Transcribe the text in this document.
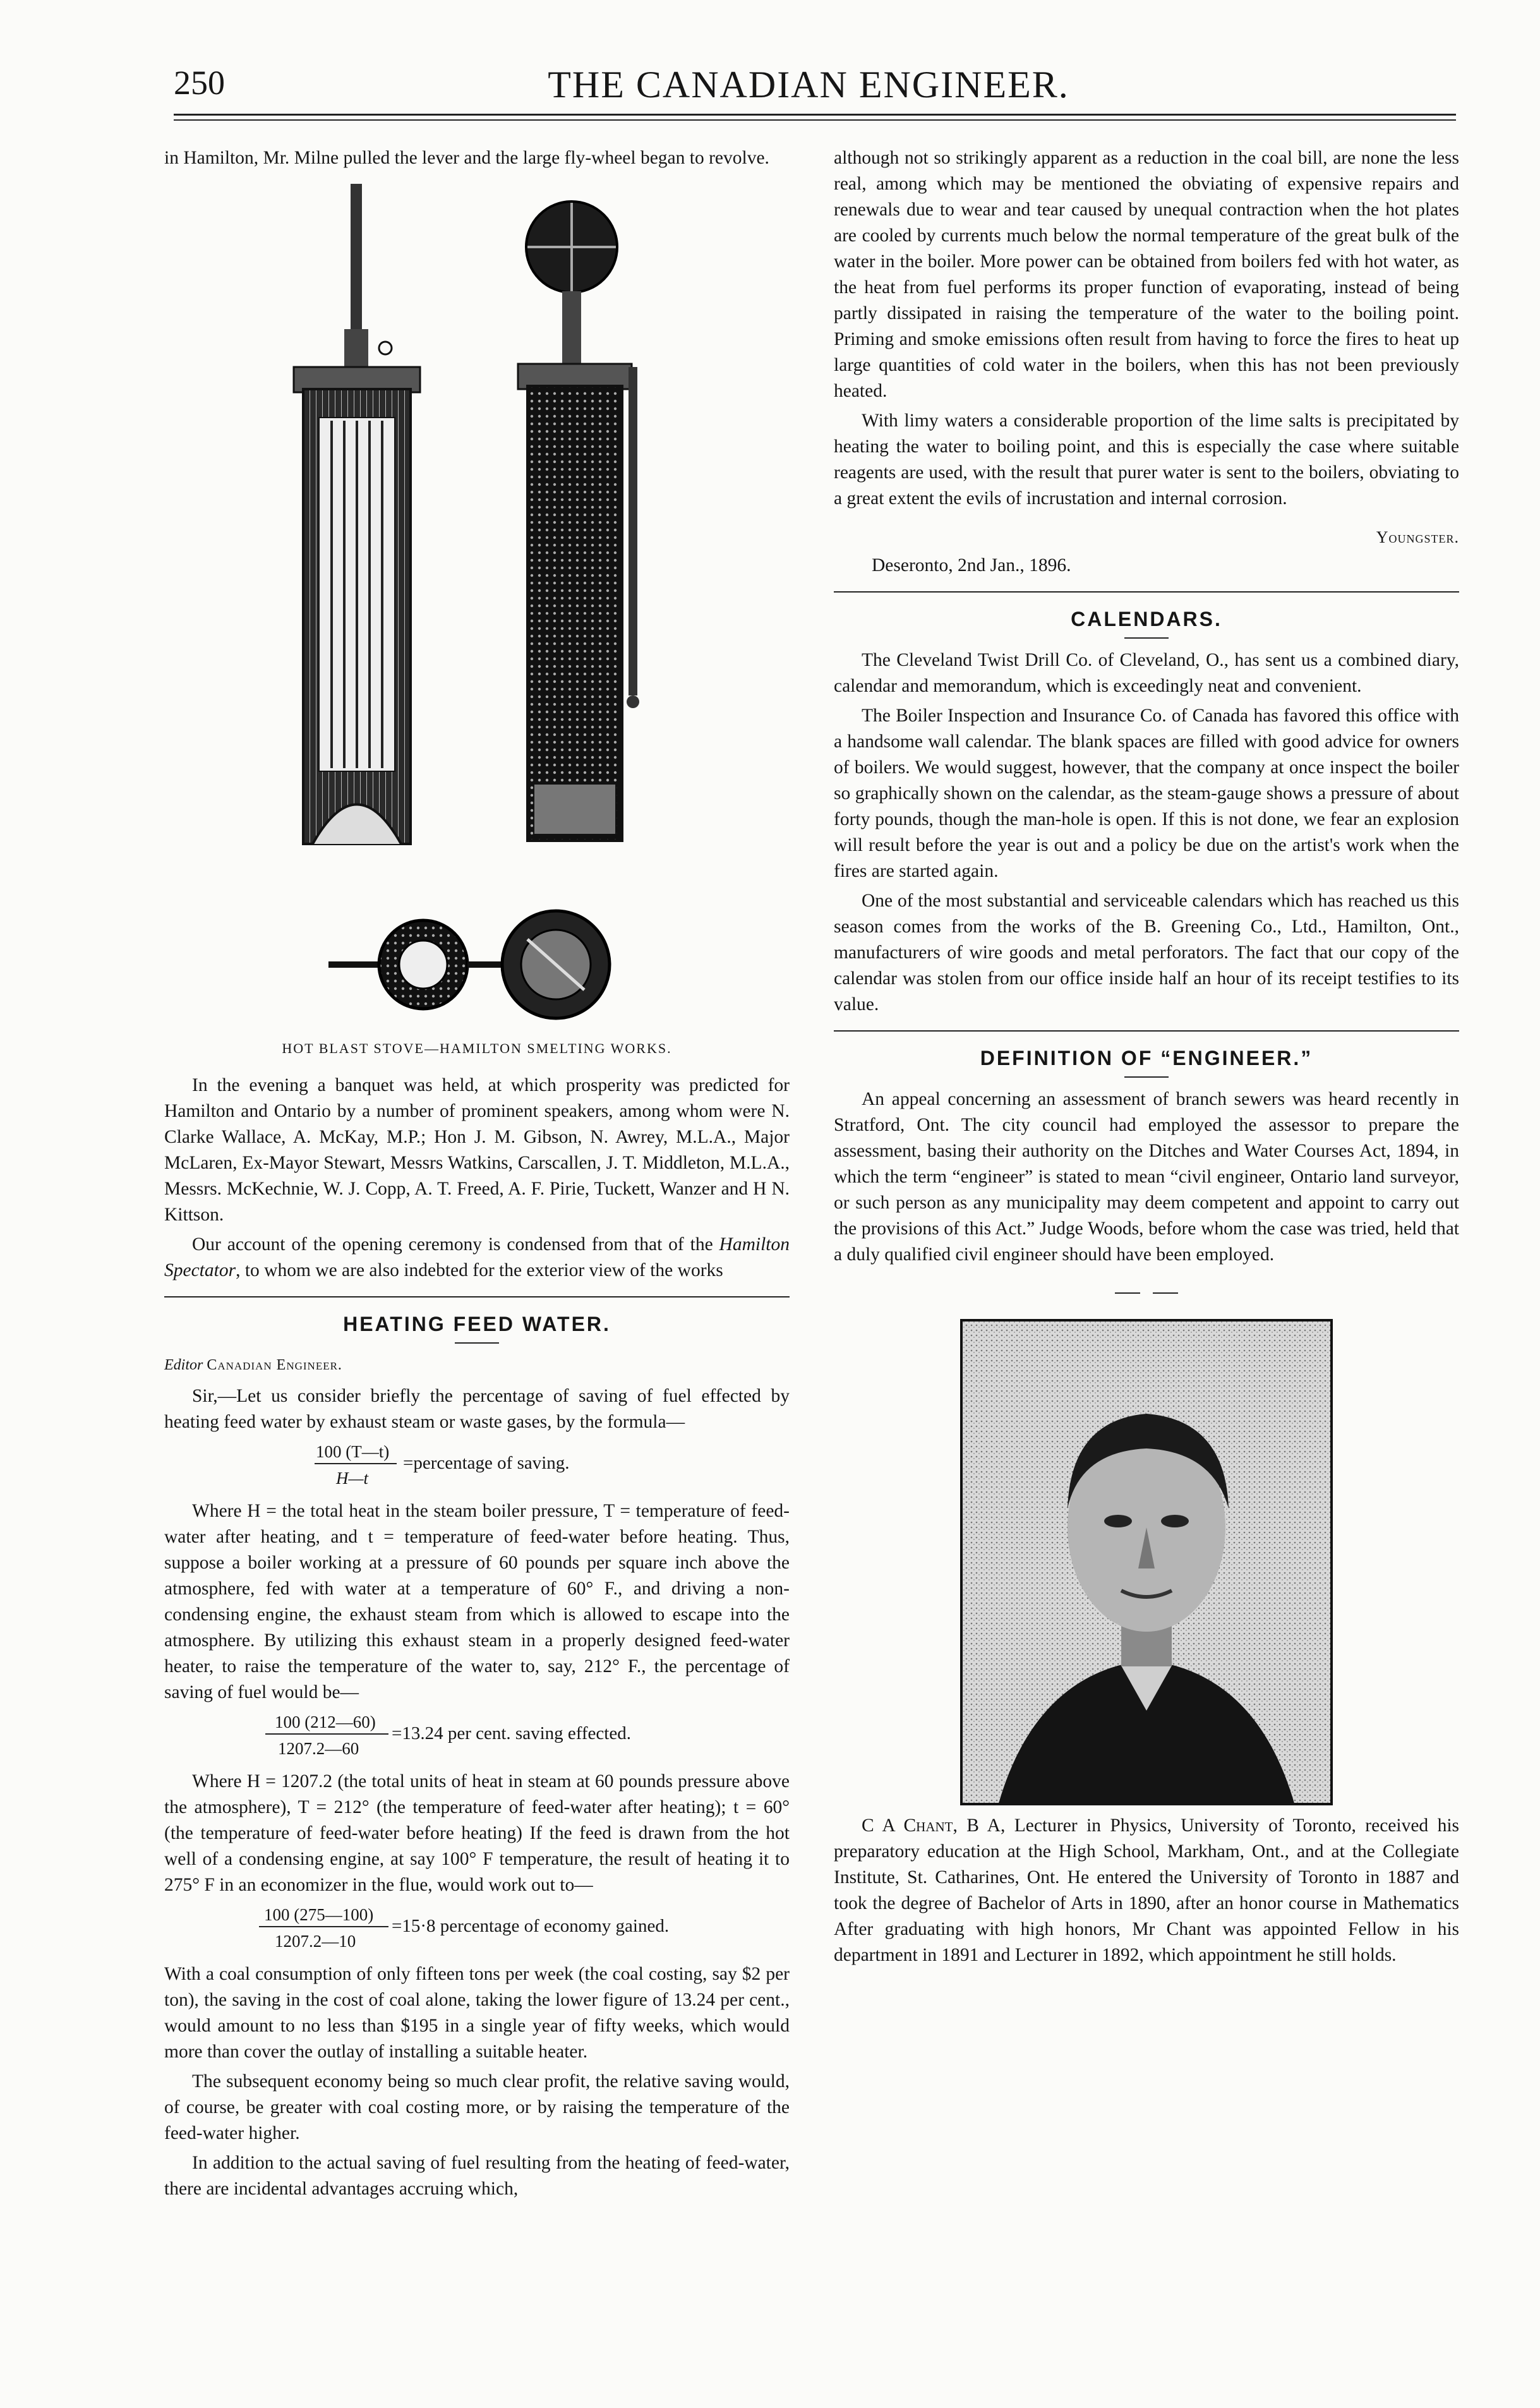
250	THE CANADIAN ENGINEER.

in Hamilton, Mr. Milne pulled the lever and the large fly-wheel began to revolve.

HOT BLAST STOVE—HAMILTON SMELTING WORKS.

In the evening a banquet was held, at which prosperity was predicted for Hamilton and Ontario by a number of prominent speakers, among whom were N. Clarke Wallace, A. McKay, M.P.; Hon J. M. Gibson, N. Awrey, M.L.A., Major McLaren, Ex-Mayor Stewart, Messrs Watkins, Carscallen, J. T. Middleton, M.L.A., Messrs. McKechnie, W. J. Copp, A. T. Freed, A. F. Pirie, Tuckett, Wanzer and H N. Kittson.

Our account of the opening ceremony is condensed from that of the Hamilton Spectator, to whom we are also indebted for the exterior view of the works

HEATING FEED WATER.
Editor Canadian Engineer.

Sir,—Let us consider briefly the percentage of saving of fuel effected by heating feed water by exhaust steam or waste gases, by the formula—

100 (T—t)
H—t
=percentage of saving.

Where H = the total heat in the steam boiler pressure, T = temperature of feed-water after heating, and t = temperature of feed-water before heating. Thus, suppose a boiler working at a pressure of 60 pounds per square inch above the atmosphere, fed with water at a temperature of 60° F., and driving a non-condensing engine, the exhaust steam from which is allowed to escape into the atmosphere. By utilizing this exhaust steam in a properly designed feed-water heater, to raise the temperature of the water to, say, 212° F., the percentage of saving of fuel would be—

100 (212—60)
1207.2—60
=13.24 per cent. saving effected.

Where H = 1207.2 (the total units of heat in steam at 60 pounds pressure above the atmosphere), T = 212° (the temperature of feed-water after heating); t = 60° (the temperature of feed-water before heating) If the feed is drawn from the hot well of a condensing engine, at say 100° F temperature, the result of heating it to 275° F in an economizer in the flue, would work out to—

100 (275—100)
1207.2—10
=15·8 percentage of economy gained.

With a coal consumption of only fifteen tons per week (the coal costing, say $2 per ton), the saving in the cost of coal alone, taking the lower figure of 13.24 per cent., would amount to no less than $195 in a single year of fifty weeks, which would more than cover the outlay of installing a suitable heater.

The subsequent economy being so much clear profit, the relative saving would, of course, be greater with coal costing more, or by raising the temperature of the feed-water higher.

In addition to the actual saving of fuel resulting from the heating of feed-water, there are incidental advantages accruing which,

although not so strikingly apparent as a reduction in the coal bill, are none the less real, among which may be mentioned the obviating of expensive repairs and renewals due to wear and tear caused by unequal contraction when the hot plates are cooled by currents much below the normal temperature of the great bulk of the water in the boiler. More power can be obtained from boilers fed with hot water, as the heat from fuel performs its proper function of evaporating, instead of being partly dissipated in raising the temperature of the water to the boiling point. Priming and smoke emissions often result from having to force the fires to heat up large quantities of cold water in the boilers, when this has not been previously heated.

With limy waters a considerable proportion of the lime salts is precipitated by heating the water to boiling point, and this is especially the case where suitable reagents are used, with the result that purer water is sent to the boilers, obviating to a great extent the evils of incrustation and internal corrosion.

Youngster.
Deseronto, 2nd Jan., 1896.
CALENDARS.

The Cleveland Twist Drill Co. of Cleveland, O., has sent us a combined diary, calendar and memorandum, which is exceedingly neat and convenient.

The Boiler Inspection and Insurance Co. of Canada has favored this office with a handsome wall calendar. The blank spaces are filled with good advice for owners of boilers. We would suggest, however, that the company at once inspect the boiler so graphically shown on the calendar, as the steam-gauge shows a pressure of about forty pounds, though the man-hole is open. If this is not done, we fear an explosion will result before the year is out and a policy be due on the artist's work when the fires are started again.

One of the most substantial and serviceable calendars which has reached us this season comes from the works of the B. Greening Co., Ltd., Hamilton, Ont., manufacturers of wire goods and metal perforators. The fact that our copy of the calendar was stolen from our office inside half an hour of its receipt testifies to its value.

DEFINITION OF “ENGINEER.”

An appeal concerning an assessment of branch sewers was heard recently in Stratford, Ont. The city council had employed the assessor to prepare the assessment, basing their authority on the Ditches and Water Courses Act, 1894, in which the term “engineer” is stated to mean “civil engineer, Ontario land surveyor, or such person as any municipality may deem competent and appoint to carry out the provisions of this Act.” Judge Woods, before whom the case was tried, held that a duly qualified civil engineer should have been employed.

C A Chant, B A, Lecturer in Physics, University of Toronto, received his preparatory education at the High School, Markham, Ont., and at the Collegiate Institute, St. Catharines, Ont. He entered the University of Toronto in 1887 and took the degree of Bachelor of Arts in 1890, after an honor course in Mathematics After graduating with high honors, Mr Chant was appointed Fellow in his department in 1891 and Lecturer in 1892, which appointment he still holds.
